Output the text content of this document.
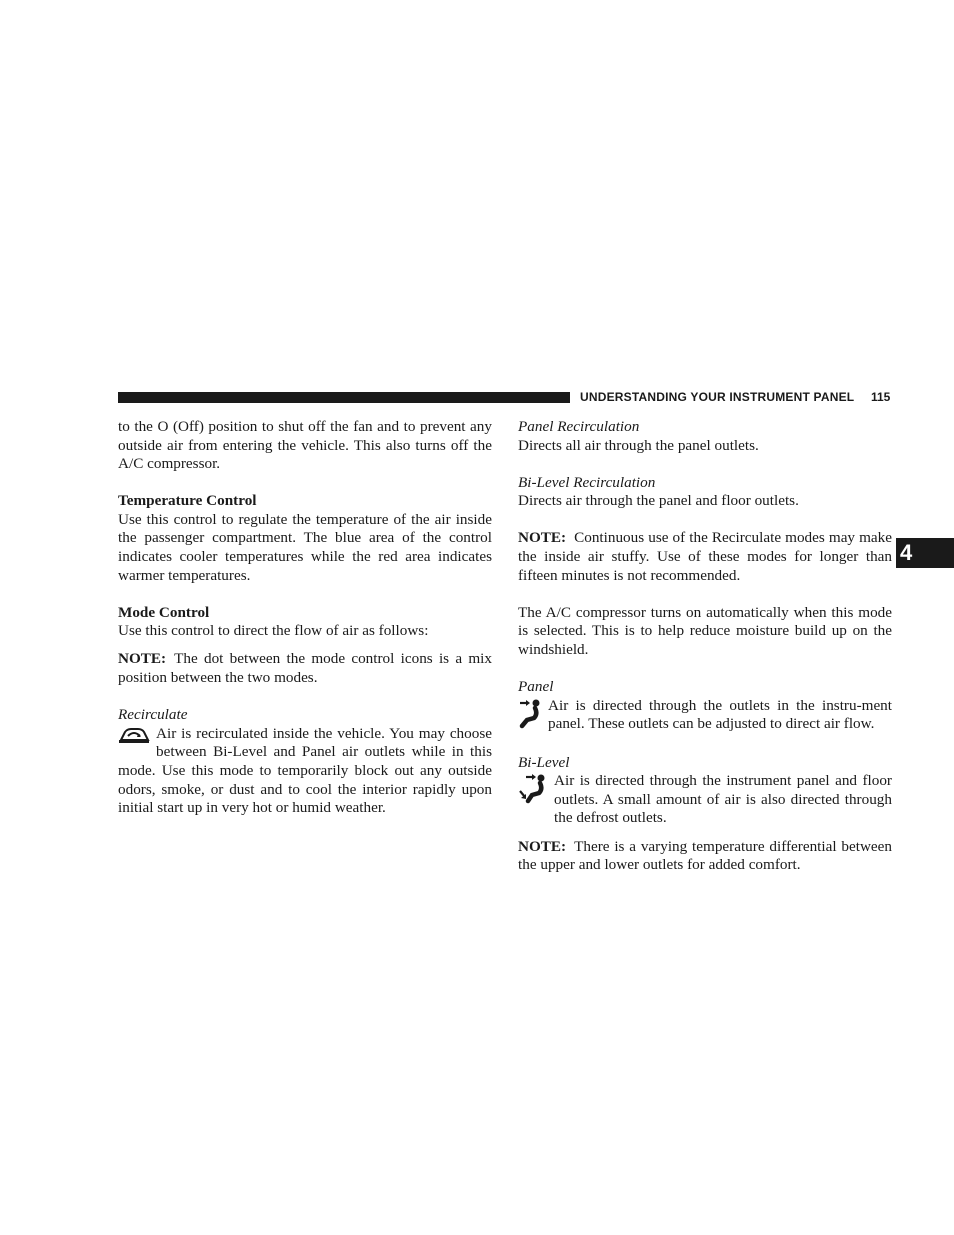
UNDERSTANDING YOUR INSTRUMENT PANEL 115
4

to the O (Off) position to shut off the fan and to prevent any outside air from entering the vehicle. This also turns off the A/C compressor.

Temperature Control

Use this control to regulate the temperature of the air inside the passenger compartment. The blue area of the control indicates cooler temperatures while the red area indicates warmer temperatures.

Mode Control

Use this control to direct the flow of air as follows:

NOTE: The dot between the mode control icons is a mix position between the two modes.

Recirculate

Air is recirculated inside the vehicle. You may choose between Bi-Level and Panel air outlets while in this mode. Use this mode to temporarily block out any outside odors, smoke, or dust and to cool the interior rapidly upon initial start up in very hot or humid weather.

Panel Recirculation

Directs all air through the panel outlets.

Bi-Level Recirculation

Directs air through the panel and floor outlets.

NOTE: Continuous use of the Recirculate modes may make the inside air stuffy. Use of these modes for longer than fifteen minutes is not recommended.

The A/C compressor turns on automatically when this mode is selected. This is to help reduce moisture build up on the windshield.

Panel

Air is directed through the outlets in the instru-ment panel. These outlets can be adjusted to direct air flow.

Bi-Level

Air is directed through the instrument panel and floor outlets. A small amount of air is also directed through the defrost outlets.

NOTE: There is a varying temperature differential between the upper and lower outlets for added comfort.
